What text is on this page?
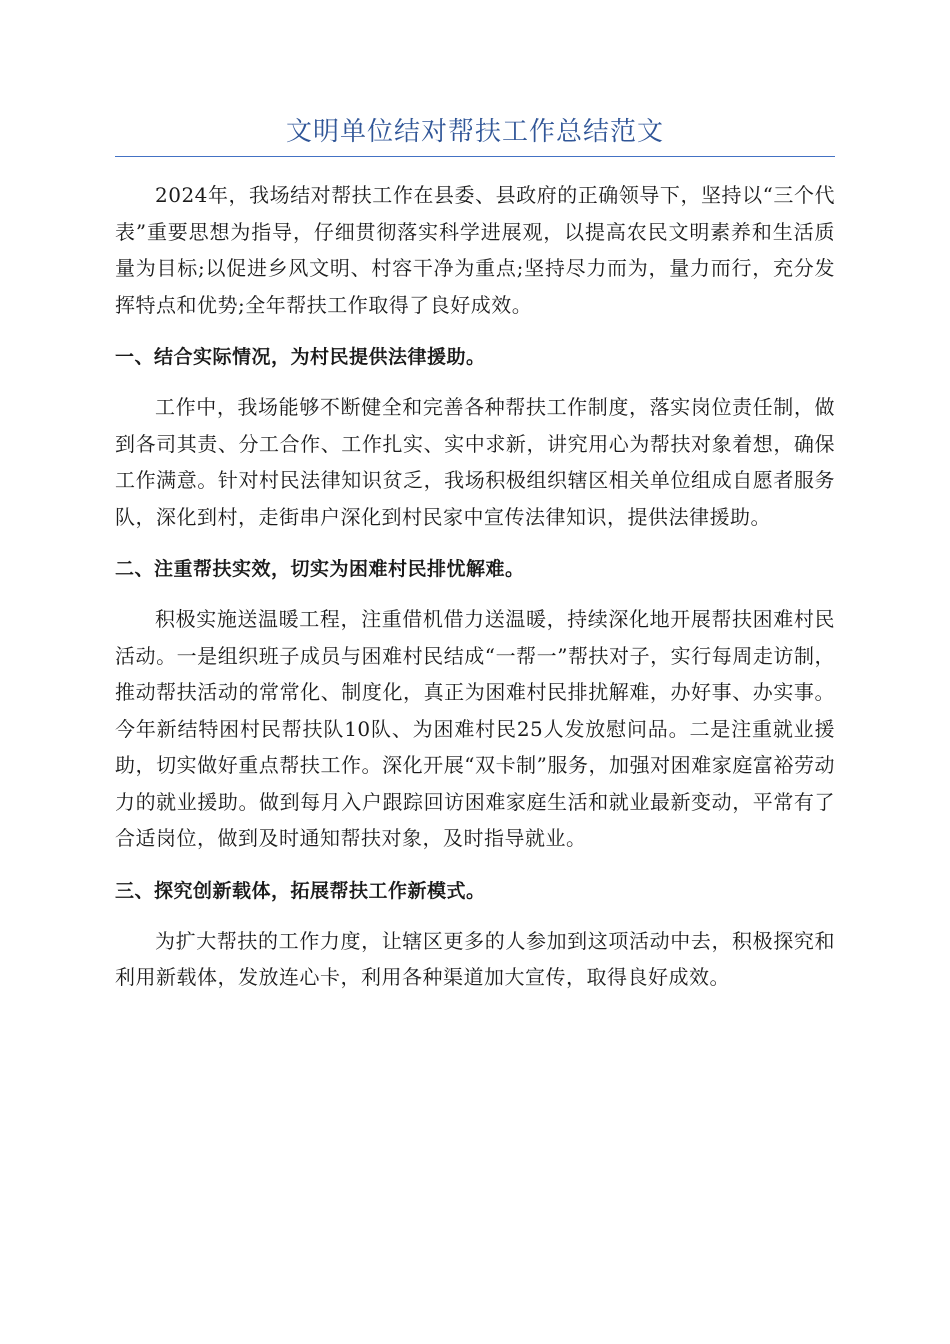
文明单位结对帮扶工作总结范文

2024年，我场结对帮扶工作在县委、县政府的正确领导下，坚持以“三个代表”重要思想为指导，仔细贯彻落实科学进展观，以提高农民文明素养和生活质量为目标;以促进乡风文明、村容干净为重点;坚持尽力而为，量力而行，充分发挥特点和优势;全年帮扶工作取得了良好成效。

一、结合实际情况，为村民提供法律援助。

工作中，我场能够不断健全和完善各种帮扶工作制度，落实岗位责任制，做到各司其责、分工合作、工作扎实、实中求新，讲究用心为帮扶对象着想，确保工作满意。针对村民法律知识贫乏，我场积极组织辖区相关单位组成自愿者服务队，深化到村，走街串户深化到村民家中宣传法律知识，提供法律援助。

二、注重帮扶实效，切实为困难村民排忧解难。

积极实施送温暖工程，注重借机借力送温暖，持续深化地开展帮扶困难村民活动。一是组织班子成员与困难村民结成“一帮一”帮扶对子，实行每周走访制，推动帮扶活动的常常化、制度化，真正为困难村民排扰解难，办好事、办实事。今年新结特困村民帮扶队10队、为困难村民25人发放慰问品。二是注重就业援助，切实做好重点帮扶工作。深化开展“双卡制”服务，加强对困难家庭富裕劳动力的就业援助。做到每月入户跟踪回访困难家庭生活和就业最新变动，平常有了合适岗位，做到及时通知帮扶对象，及时指导就业。

三、探究创新载体，拓展帮扶工作新模式。

为扩大帮扶的工作力度，让辖区更多的人参加到这项活动中去，积极探究和利用新载体，发放连心卡，利用各种渠道加大宣传，取得良好成效。
